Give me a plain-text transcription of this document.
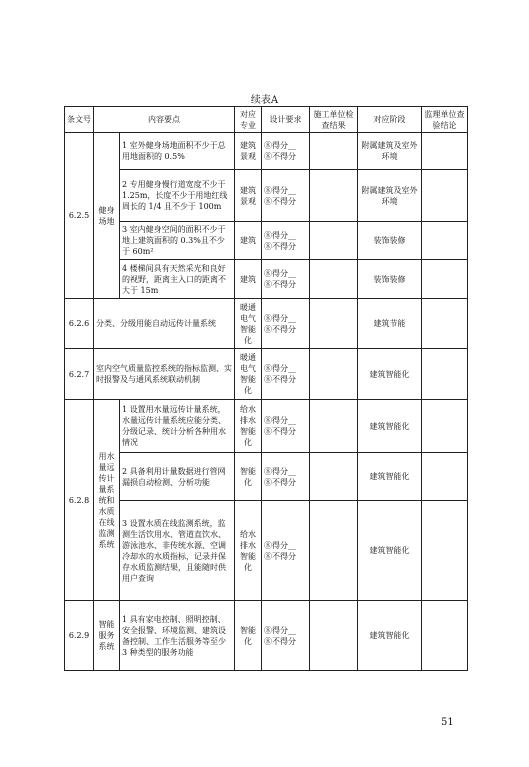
续表A
条文号	内容要点		对应专业	设计要求	施工单位检查结果	对应阶段	监理单位查验结论
6.2.5	健身场地	1 室外健身场地面积不少于总用地面积的 0.5%	建筑景观	⑧得分__
⑧不得分		附属建筑及室外环境	
		2 专用健身慢行道宽度不少于 1.25m，长度不少于用地红线周长的 1/4 且不少于 100m	建筑景观	⑧得分__
⑧不得分		附属建筑及室外环境	
		3 室内健身空间的面积不少于地上建筑面积的 0.3%且不少于 60m²	建筑	⑧得分__
⑧不得分		装饰装修	
		4 楼梯间具有天然采光和良好的视野，距离主入口的距离不大于 15m	建筑	⑧得分__
⑧不得分		装饰装修	
6.2.6	分类、分级用能自动远传计量系统		暖通电气智能化	⑧得分__
⑧不得分		建筑节能	
6.2.7	室内空气质量监控系统的指标监测、实时报警及与通风系统联动机制		暖通电气智能化	⑧得分__
⑧不得分		建筑智能化	
6.2.8	用水量远传计量系统和水质在线监测系统	1 设置用水量远传计量系统，水量远传计量系统应能分类、分级记录、统计分析各种用水情况	给水排水智能化	⑧得分__
⑧不得分		建筑智能化	
		2 具备利用计量数据进行管网漏损自动检测、分析功能	智能化	⑧得分__
⑧不得分		建筑智能化	
		3 设置水质在线监测系统，监测生活饮用水、管道直饮水、游泳池水、非传统水源、空调冷却水的水质指标，记录并保存水质监测结果，且能随时供用户查询	给水排水智能化	⑧得分__
⑧不得分		建筑智能化	
6.2.9	智能服务系统	1 具有家电控制、照明控制、安全报警、环境监测、建筑设备控制、工作生活服务等至少 3 种类型的服务功能	智能化	⑧得分__
⑧不得分		建筑智能化	
51
